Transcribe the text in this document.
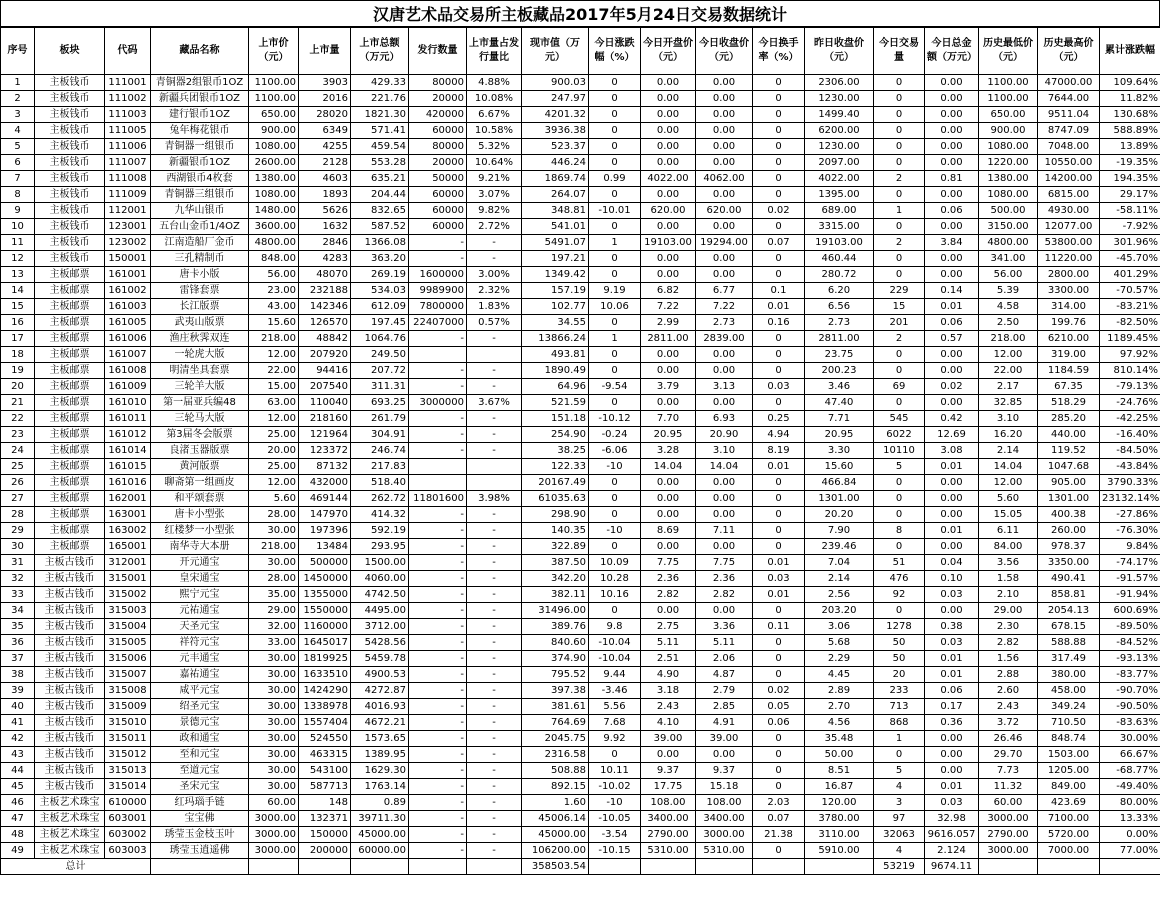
汉唐艺术品交易所主板藏品2017年5月24日交易数据统计
序号	板块	代码	藏品名称	上市价（元）	上市量	上市总额（万元）	发行数量	上市量占发行量比	现市值（万元）	今日涨跌幅（%）	今日开盘价（元）	今日收盘价（元）	今日换手率（%）	昨日收盘价（元）	今日交易量	今日总金额（万元）	历史最低价（元）	历史最高价（元）	累计涨跌幅
1	主板钱币	111001	青铜器2组银币1OZ	1100.00	3903	429.33	80000	4.88%	900.03	0	0.00	0.00	0	2306.00	0	0.00	1100.00	47000.00	109.64%
2	主板钱币	111002	新疆兵团银币1OZ	1100.00	2016	221.76	20000	10.08%	247.97	0	0.00	0.00	0	1230.00	0	0.00	1100.00	7644.00	11.82%
3	主板钱币	111003	建行银币1OZ	650.00	28020	1821.30	420000	6.67%	4201.32	0	0.00	0.00	0	1499.40	0	0.00	650.00	9511.04	130.68%
4	主板钱币	111005	兔年梅花银币	900.00	6349	571.41	60000	10.58%	3936.38	0	0.00	0.00	0	6200.00	0	0.00	900.00	8747.09	588.89%
5	主板钱币	111006	青铜器一组银币	1080.00	4255	459.54	80000	5.32%	523.37	0	0.00	0.00	0	1230.00	0	0.00	1080.00	7048.00	13.89%
6	主板钱币	111007	新疆银币1OZ	2600.00	2128	553.28	20000	10.64%	446.24	0	0.00	0.00	0	2097.00	0	0.00	1220.00	10550.00	-19.35%
7	主板钱币	111008	西湖银币4枚套	1380.00	4603	635.21	50000	9.21%	1869.74	0.99	4022.00	4062.00	0	4022.00	2	0.81	1380.00	14200.00	194.35%
8	主板钱币	111009	青铜器三组银币	1080.00	1893	204.44	60000	3.07%	264.07	0	0.00	0.00	0	1395.00	0	0.00	1080.00	6815.00	29.17%
9	主板钱币	112001	九华山银币	1480.00	5626	832.65	60000	9.82%	348.81	-10.01	620.00	620.00	0.02	689.00	1	0.06	500.00	4930.00	-58.11%
10	主板钱币	123001	五台山金币1/4OZ	3600.00	1632	587.52	60000	2.72%	541.01	0	0.00	0.00	0	3315.00	0	0.00	3150.00	12077.00	-7.92%
11	主板钱币	123002	江南造船厂金币	4800.00	2846	1366.08	-	-	5491.07	1	19103.00	19294.00	0.07	19103.00	2	3.84	4800.00	53800.00	301.96%
12	主板钱币	150001	三孔精制币	848.00	4283	363.20	-	-	197.21	0	0.00	0.00	0	460.44	0	0.00	341.00	11220.00	-45.70%
13	主板邮票	161001	唐卡小版	56.00	48070	269.19	1600000	3.00%	1349.42	0	0.00	0.00	0	280.72	0	0.00	56.00	2800.00	401.29%
14	主板邮票	161002	雷锋套票	23.00	232188	534.03	9989900	2.32%	157.19	9.19	6.82	6.77	0.1	6.20	229	0.14	5.39	3300.00	-70.57%
15	主板邮票	161003	长江版票	43.00	142346	612.09	7800000	1.83%	102.77	10.06	7.22	7.22	0.01	6.56	15	0.01	4.58	314.00	-83.21%
16	主板邮票	161005	武夷山版票	15.60	126570	197.45	22407000	0.57%	34.55	0	2.99	2.73	0.16	2.73	201	0.06	2.50	199.76	-82.50%
17	主板邮票	161006	渔庄秋霁双连	218.00	48842	1064.76	-	-	13866.24	1	2811.00	2839.00	0	2811.00	2	0.57	218.00	6210.00	1189.45%
18	主板邮票	161007	一轮虎大版	12.00	207920	249.50			493.81	0	0.00	0.00	0	23.75	0	0.00	12.00	319.00	97.92%
19	主板邮票	161008	明清坐具套票	22.00	94416	207.72	-	-	1890.49	0	0.00	0.00	0	200.23	0	0.00	22.00	1184.59	810.14%
20	主板邮票	161009	三轮羊大版	15.00	207540	311.31	-	-	64.96	-9.54	3.79	3.13	0.03	3.46	69	0.02	2.17	67.35	-79.13%
21	主板邮票	161010	第一届亚兵编48	63.00	110040	693.25	3000000	3.67%	521.59	0	0.00	0.00	0	47.40	0	0.00	32.85	518.29	-24.76%
22	主板邮票	161011	三轮马大版	12.00	218160	261.79	-	-	151.18	-10.12	7.70	6.93	0.25	7.71	545	0.42	3.10	285.20	-42.25%
23	主板邮票	161012	第3届冬会版票	25.00	121964	304.91	-	-	254.90	-0.24	20.95	20.90	4.94	20.95	6022	12.69	16.20	440.00	-16.40%
24	主板邮票	161014	良渚玉器版票	20.00	123372	246.74	-	-	38.25	-6.06	3.28	3.10	8.19	3.30	10110	3.08	2.14	119.52	-84.50%
25	主板邮票	161015	黄河版票	25.00	87132	217.83			122.33	-10	14.04	14.04	0.01	15.60	5	0.01	14.04	1047.68	-43.84%
26	主板邮票	161016	聊斋第一组画皮	12.00	432000	518.40			20167.49	0	0.00	0.00	0	466.84	0	0.00	12.00	905.00	3790.33%
27	主板邮票	162001	和平颂套票	5.60	469144	262.72	11801600	3.98%	61035.63	0	0.00	0.00	0	1301.00	0	0.00	5.60	1301.00	23132.14%
28	主板邮票	163001	唐卡小型张	28.00	147970	414.32	-	-	298.90	0	0.00	0.00	0	20.20	0	0.00	15.05	400.38	-27.86%
29	主板邮票	163002	红楼梦一小型张	30.00	197396	592.19	-	-	140.35	-10	8.69	7.11	0	7.90	8	0.01	6.11	260.00	-76.30%
30	主板邮票	165001	南华寺大本册	218.00	13484	293.95	-	-	322.89	0	0.00	0.00	0	239.46	0	0.00	84.00	978.37	9.84%
31	主板古钱币	312001	开元通宝	30.00	500000	1500.00	-	-	387.50	10.09	7.75	7.75	0.01	7.04	51	0.04	3.56	3350.00	-74.17%
32	主板古钱币	315001	皇宋通宝	28.00	1450000	4060.00	-	-	342.20	10.28	2.36	2.36	0.03	2.14	476	0.10	1.58	490.41	-91.57%
33	主板古钱币	315002	熙宁元宝	35.00	1355000	4742.50	-	-	382.11	10.16	2.82	2.82	0.01	2.56	92	0.03	2.10	858.81	-91.94%
34	主板古钱币	315003	元祐通宝	29.00	1550000	4495.00	-	-	31496.00	0	0.00	0.00	0	203.20	0	0.00	29.00	2054.13	600.69%
35	主板古钱币	315004	天圣元宝	32.00	1160000	3712.00	-	-	389.76	9.8	2.75	3.36	0.11	3.06	1278	0.38	2.30	678.15	-89.50%
36	主板古钱币	315005	祥符元宝	33.00	1645017	5428.56	-	-	840.60	-10.04	5.11	5.11	0	5.68	50	0.03	2.82	588.88	-84.52%
37	主板古钱币	315006	元丰通宝	30.00	1819925	5459.78	-	-	374.90	-10.04	2.51	2.06	0	2.29	50	0.01	1.56	317.49	-93.13%
38	主板古钱币	315007	嘉祐通宝	30.00	1633510	4900.53	-	-	795.52	9.44	4.90	4.87	0	4.45	20	0.01	2.88	380.00	-83.77%
39	主板古钱币	315008	咸平元宝	30.00	1424290	4272.87	-	-	397.38	-3.46	3.18	2.79	0.02	2.89	233	0.06	2.60	458.00	-90.70%
40	主板古钱币	315009	绍圣元宝	30.00	1338978	4016.93	-	-	381.61	5.56	2.43	2.85	0.05	2.70	713	0.17	2.43	349.24	-90.50%
41	主板古钱币	315010	景德元宝	30.00	1557404	4672.21	-	-	764.69	7.68	4.10	4.91	0.06	4.56	868	0.36	3.72	710.50	-83.63%
42	主板古钱币	315011	政和通宝	30.00	524550	1573.65	-	-	2045.75	9.92	39.00	39.00	0	35.48	1	0.00	26.46	848.74	30.00%
43	主板古钱币	315012	至和元宝	30.00	463315	1389.95	-	-	2316.58	0	0.00	0.00	0	50.00	0	0.00	29.70	1503.00	66.67%
44	主板古钱币	315013	至道元宝	30.00	543100	1629.30	-	-	508.88	10.11	9.37	9.37	0	8.51	5	0.00	7.73	1205.00	-68.77%
45	主板古钱币	315014	圣宋元宝	30.00	587713	1763.14	-	-	892.15	-10.02	17.75	15.18	0	16.87	4	0.01	11.32	849.00	-49.40%
46	主板艺术珠宝	610000	红玛瑙手链	60.00	148	0.89	-	-	1.60	-10	108.00	108.00	2.03	120.00	3	0.03	60.00	423.69	80.00%
47	主板艺术珠宝	603001	宝宝佛	3000.00	132371	39711.30	-	-	45006.14	-10.05	3400.00	3400.00	0.07	3780.00	97	32.98	3000.00	7100.00	13.33%
48	主板艺术珠宝	603002	琇莹玉金枝玉叶	3000.00	150000	45000.00	-	-	45000.00	-3.54	2790.00	3000.00	21.38	3110.00	32063	9616.057	2790.00	5720.00	0.00%
49	主板艺术珠宝	603003	琇莹玉逍遥佛	3000.00	200000	60000.00	-	-	106200.00	-10.15	5310.00	5310.00	0	5910.00	4	2.124	3000.00	7000.00	77.00%
总计									358503.54						53219	9674.11			
